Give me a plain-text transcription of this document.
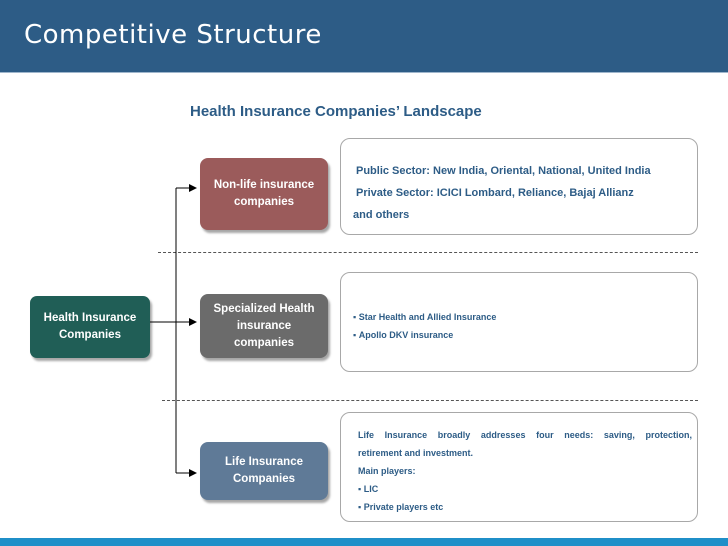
Competitive Structure
Health Insurance Companies’ Landscape
Health Insurance
Companies
Non-life insurance companies
Specialized Health insurance companies
Life Insurance Companies

Public Sector: New India, Oriental, National, United India

Private Sector: ICICI Lombard, Reliance, Bajaj Allianz

and others

▪ Star Health and Allied Insurance

▪ Apollo DKV insurance

Life Insurance broadly addresses four needs: saving, protection,

retirement and investment.

Main players:

▪ LIC

▪ Private players etc
